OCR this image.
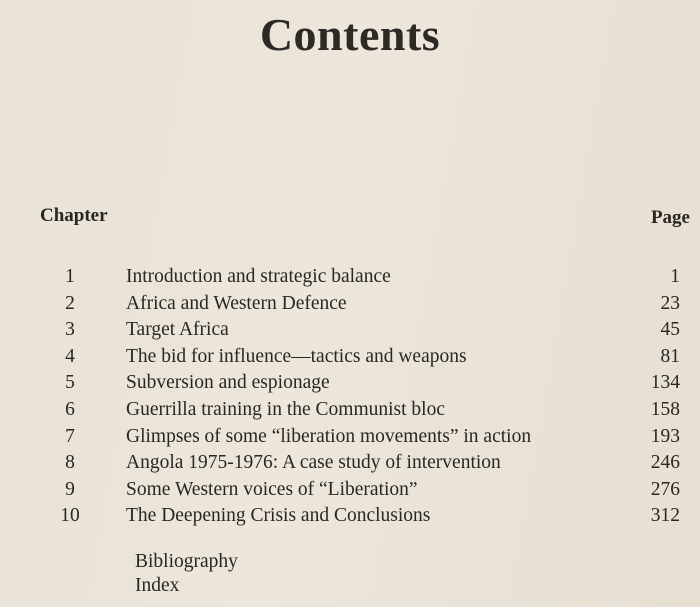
Contents
Chapter	Page
1	Introduction and strategic balance	1
2	Africa and Western Defence	23
3	Target Africa	45
4	The bid for influence—tactics and weapons	81
5	Subversion and espionage	134
6	Guerrilla training in the Communist bloc	158
7	Glimpses of some “liberation movements” in action	193
8	Angola 1975-1976: A case study of intervention	246
9	Some Western voices of “Liberation”	276
10	The Deepening Crisis and Conclusions	312
Bibliography
Index
